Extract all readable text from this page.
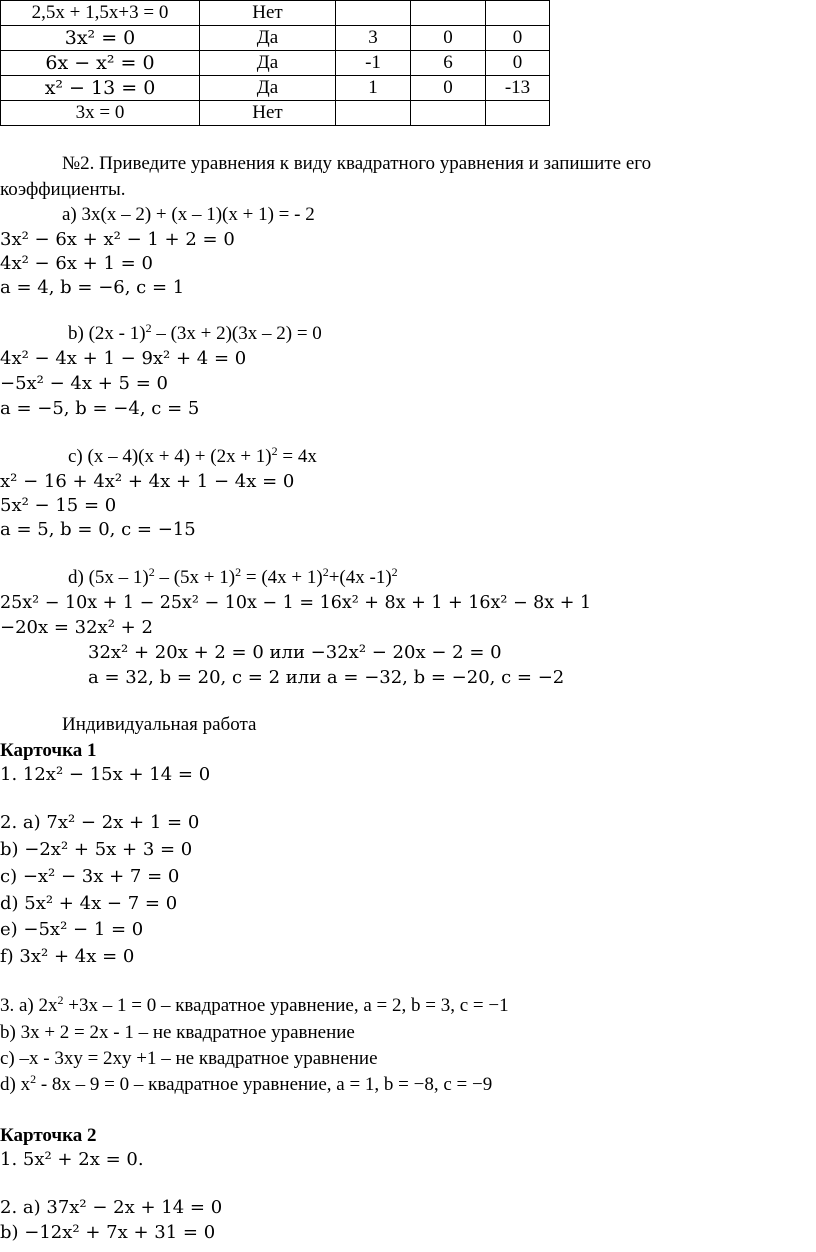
2,5x + 1,5x+3 = 0	Нет			
3x² = 0	Да	3	0	0
6x − x² = 0	Да	-1	6	0
x² − 13 = 0	Да	1	0	-13
3x = 0	Нет			
№2. Приведите уравнения к виду квадратного уравнения и запишите его
коэффициенты.
a) 3x(x – 2) + (x – 1)(x + 1) = - 2
3x² − 6x + x² − 1 + 2 = 0
4x² − 6x + 1 = 0
a = 4, b = −6, c = 1
b) (2x - 1)$^2$ – (3x + 2)(3x – 2) = 0
4x² − 4x + 1 − 9x² + 4 = 0
−5x² − 4x + 5 = 0
a = −5, b = −4, c = 5
c) $(x - 4)(x + 4) + (2x + 1)^2 = 4x$
x² − 16 + 4x² + 4x + 1 − 4x = 0
5x² − 15 = 0
a = 5, b = 0, c = −15
d) $(5x - 1)^2 - (5x + 1)^2 = (4x + 1)^2+(4x$ -1)$^2$
25x² − 10x + 1 − 25x² − 10x − 1 = 16x² + 8x + 1 + 16x² − 8x + 1
−20x = 32x² + 2
32x² + 20x + 2 = 0 или −32x² − 20x − 2 = 0
a = 32, b = 20, c = 2 или a = −32, b = −20, c = −2
Индивидуальная работа
Карточка 1
1. 12x² − 15x + 14 = 0
2. a) 7x² − 2x + 1 = 0
b) −2x² + 5x + 3 = 0
c) −x² − 3x + 7 = 0
d) 5x² + 4x − 7 = 0
e) −5x² − 1 = 0
f) 3x² + 4x = 0
3. a) $2x^2 +3x - 1 = 0$ – квадратное уравнение, a = 2, b = 3, c = −1
b) 3x + 2 = 2x - 1 – не квадратное уравнение
c) –x - 3xy = 2xy +1 – не квадратное уравнение
d) $x^2 - 8x - 9 = 0$ – квадратное уравнение, a = 1, b = −8, c = −9
Карточка 2
1. 5x² + 2x = 0.
2. a) 37x² − 2x + 14 = 0
b) −12x² + 7x + 31 = 0
